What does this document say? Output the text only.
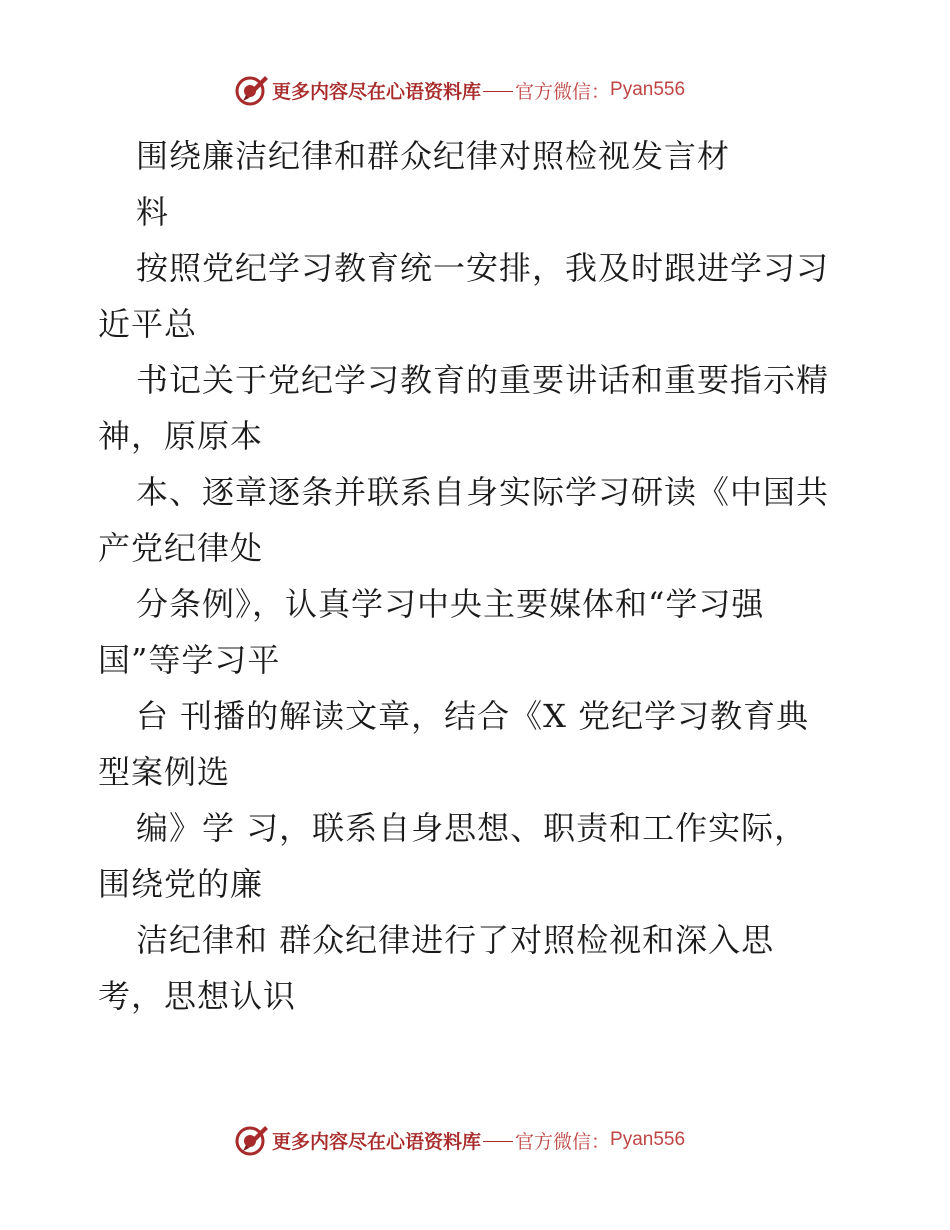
更多内容尽在心语资料库 官方微信： Pyan556
围绕廉洁纪律和群众纪律对照检视发言材
料
按照党纪学习教育统一安排，我及时跟进学习习
近平总
书记关于党纪学习教育的重要讲话和重要指示精
神，原原本
本、逐章逐条并联系自身实际学习研读《中国共
产党纪律处
分条例》，认真学习中央主要媒体和“学习强
国”等学习平
台 刊播的解读文章，结合《X 党纪学习教育典
型案例选
编》学 习，联系自身思想、职责和工作实际，
围绕党的廉
洁纪律和 群众纪律进行了对照检视和深入思
考，思想认识
更多内容尽在心语资料库 官方微信： Pyan556
